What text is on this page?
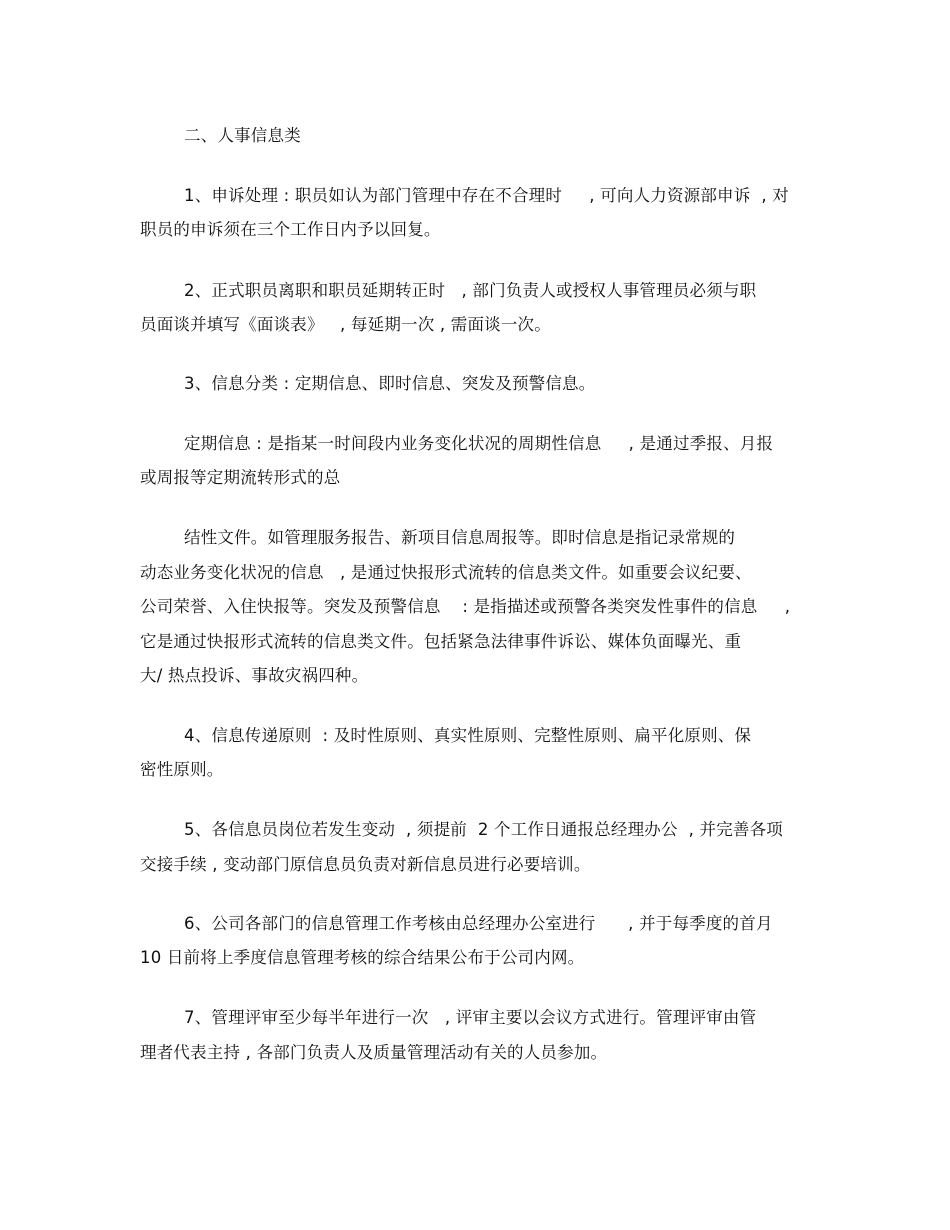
二、人事信息类
1、申诉处理 : 职员如认为部门管理中存在不合理时     , 可向人力资源部申诉  , 对
职员的申诉须在三个工作日内予以回复。
2、正式职员离职和职员延期转正时   , 部门负责人或授权人事管理员必须与职
员面谈并填写《面谈表》   , 每延期一次 , 需面谈一次。
3、信息分类 : 定期信息、即时信息、突发及预警信息。
定期信息 : 是指某一时间段内业务变化状况的周期性信息     , 是通过季报、月报
或周报等定期流转形式的总
结性文件。如管理服务报告、新项目信息周报等。即时信息是指记录常规的
动态业务变化状况的信息   , 是通过快报形式流转的信息类文件。如重要会议纪要、
公司荣誉、入住快报等。突发及预警信息    : 是指描述或预警各类突发性事件的信息     ,
它是通过快报形式流转的信息类文件。包括紧急法律事件诉讼、媒体负面曝光、重
大/ 热点投诉、事故灾祸四种。
4、信息传递原则  : 及时性原则、真实性原则、完整性原则、扁平化原则、保
密性原则。
5、各信息员岗位若发生变动  , 须提前  2 个工作日通报总经理办公  , 并完善各项
交接手续 , 变动部门原信息员负责对新信息员进行必要培训。
6、公司各部门的信息管理工作考核由总经理办公室进行      , 并于每季度的首月
10 日前将上季度信息管理考核的综合结果公布于公司内网。
7、管理评审至少每半年进行一次   , 评审主要以会议方式进行。管理评审由管
理者代表主持 , 各部门负责人及质量管理活动有关的人员参加。
